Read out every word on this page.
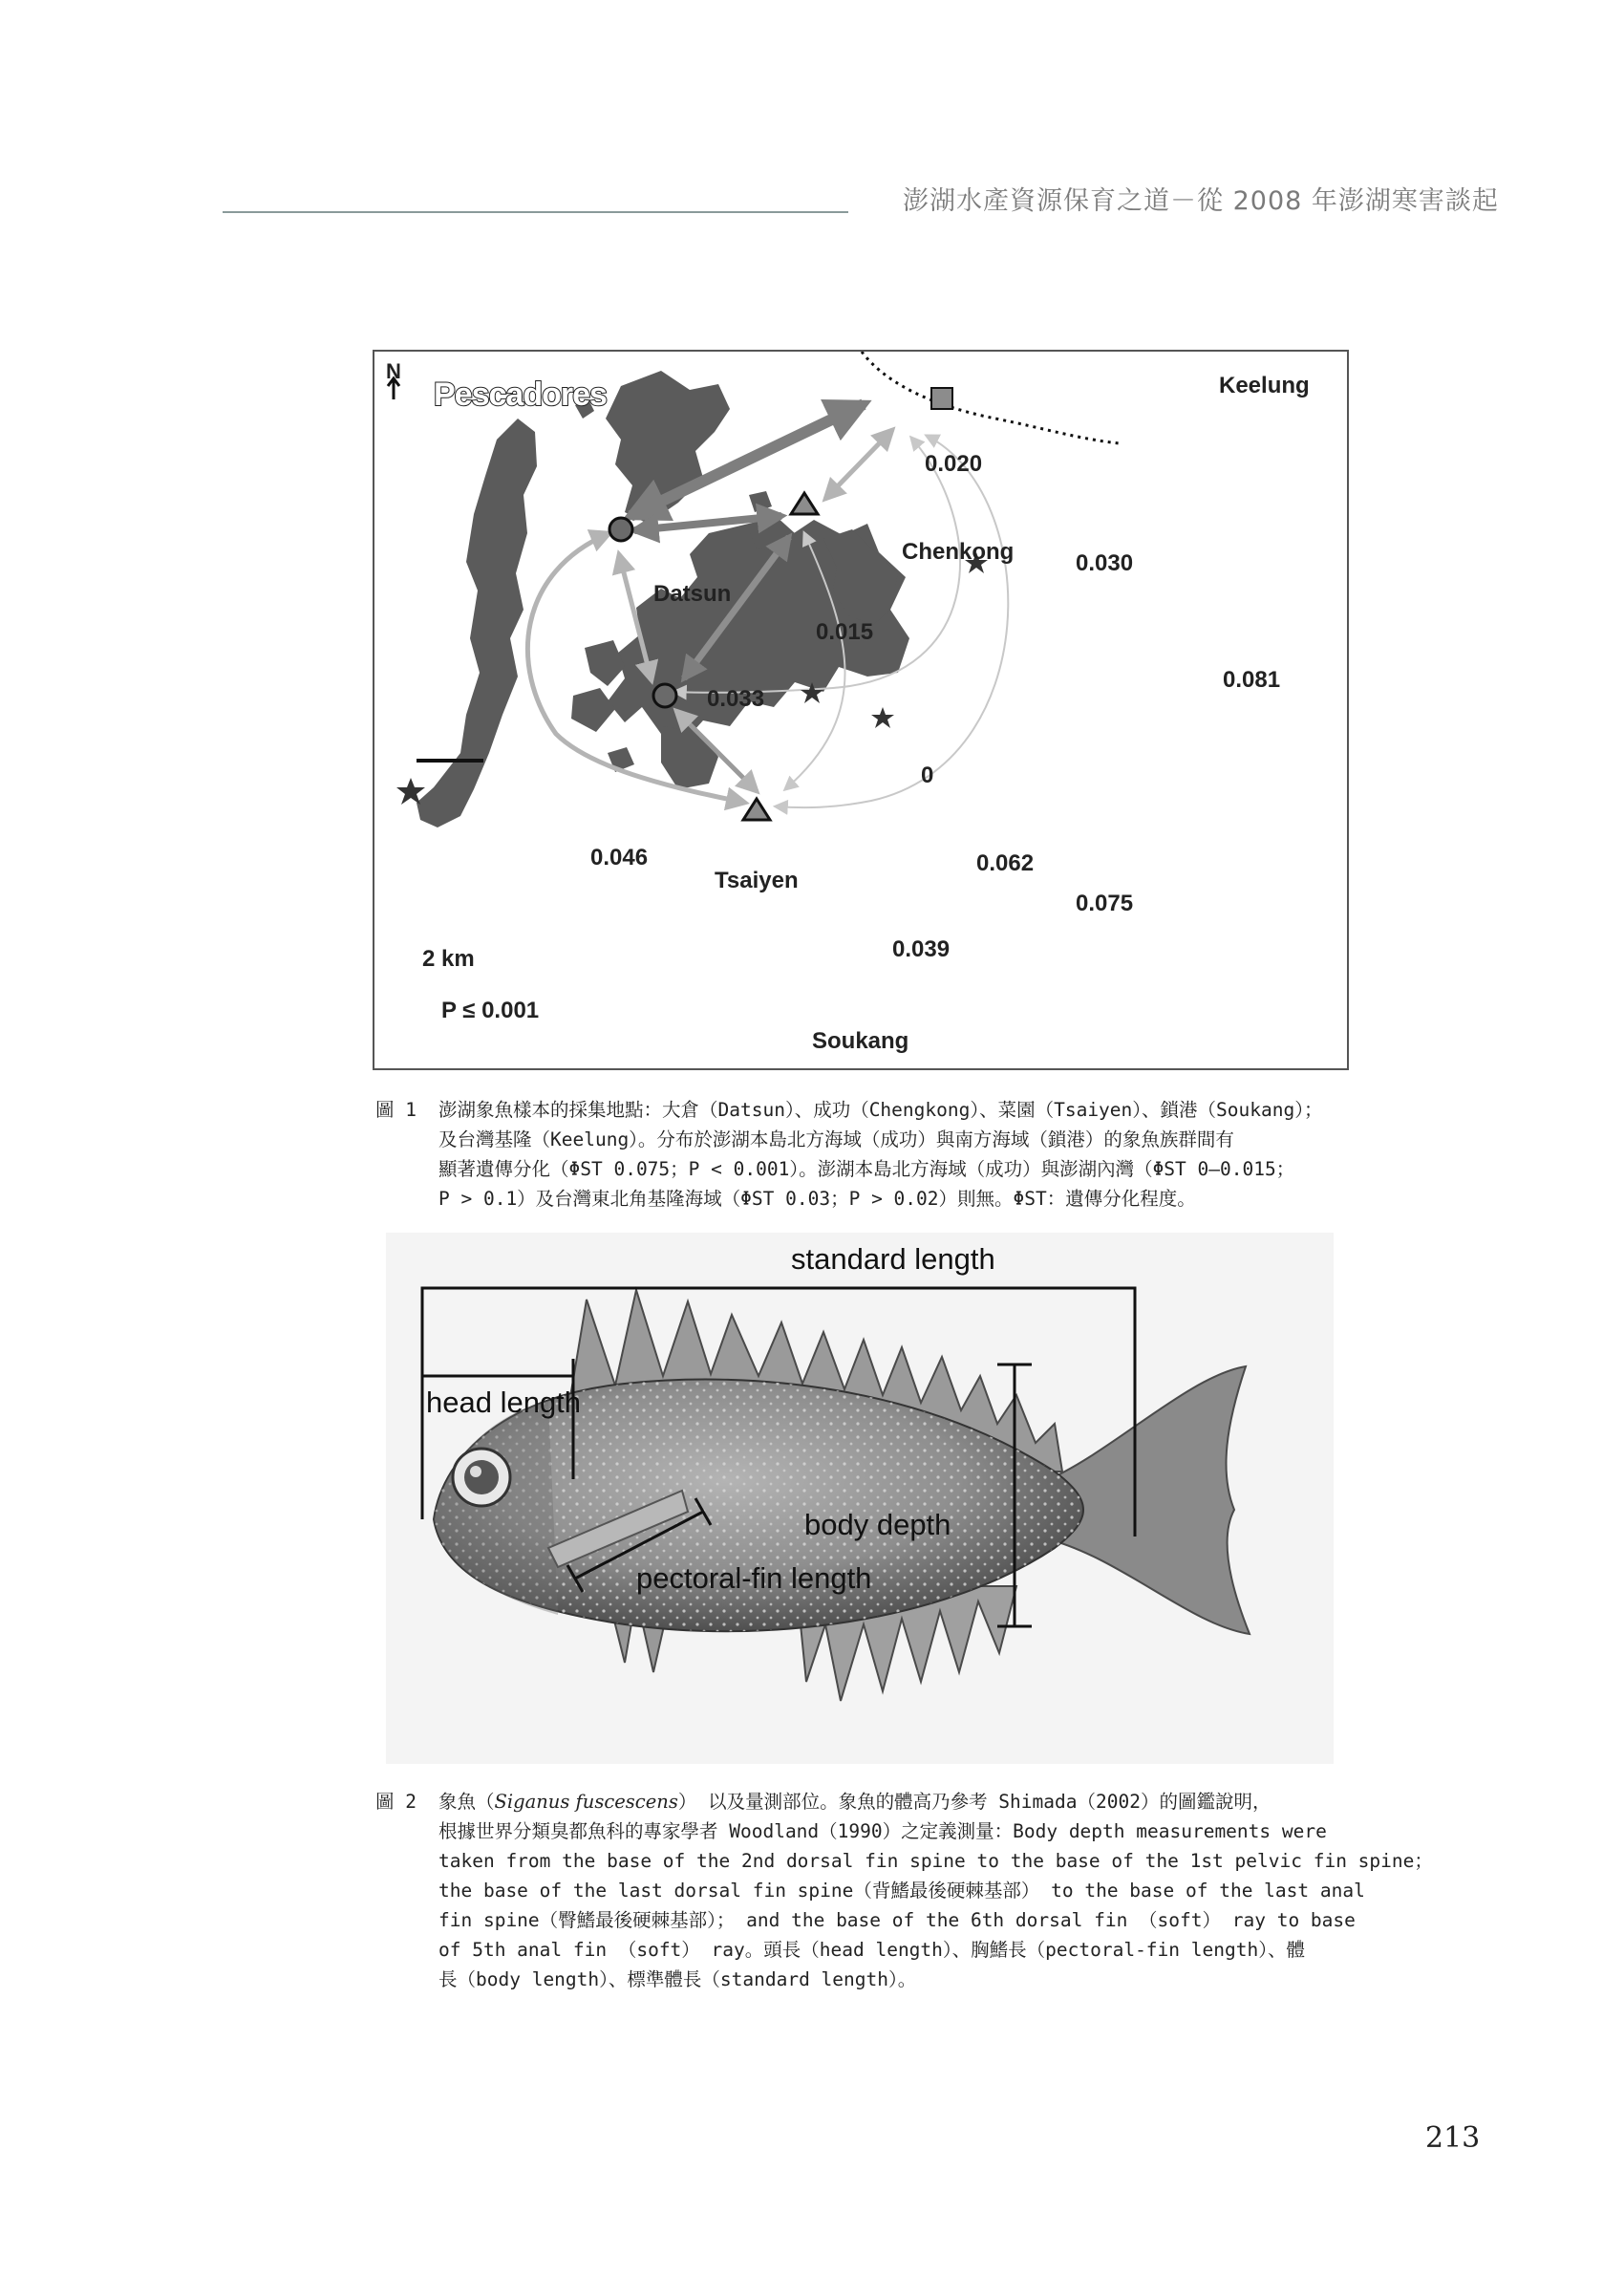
澎湖水產資源保育之道－從 2008 年澎湖寒害談起
N
Pescadores	Keelung
Chenkong
Datsun
Tsaiyen
Soukang
0.020
0.030
0.015
0.033
0.081
0
0.046	0.062
0.075
0.039
2 km
P ≤ 0.001
圖 1 澎湖象魚樣本的採集地點：大倉（Datsun）、成功（Chengkong）、菜園（Tsaiyen）、鎖港（Soukang）；
及台灣基隆（Keelung）。分布於澎湖本島北方海域（成功）與南方海域（鎖港）的象魚族群間有
顯著遺傳分化（ΦST 0.075；P < 0.001）。澎湖本島北方海域（成功）與澎湖內灣（ΦST 0–0.015；
P > 0.1）及台灣東北角基隆海域（ΦST 0.03；P > 0.02）則無。ΦST：遺傳分化程度。
standard length
head length
body depth
pectoral-fin length
圖 2 象魚（Siganus fuscescens） 以及量測部位。象魚的體高乃參考 Shimada（2002）的圖鑑說明，
根據世界分類臭都魚科的專家學者 Woodland（1990）之定義測量：Body depth measurements were
taken from the base of the 2nd dorsal fin spine to the base of the 1st pelvic fin spine；
the base of the last dorsal fin spine（背鰭最後硬棘基部） to the base of the last anal
fin spine（臀鰭最後硬棘基部）； and the base of the 6th dorsal fin （soft） ray to base
of 5th anal fin （soft） ray。頭長（head length）、胸鰭長（pectoral-fin length）、體
長（body length）、標準體長（standard length）。
213
